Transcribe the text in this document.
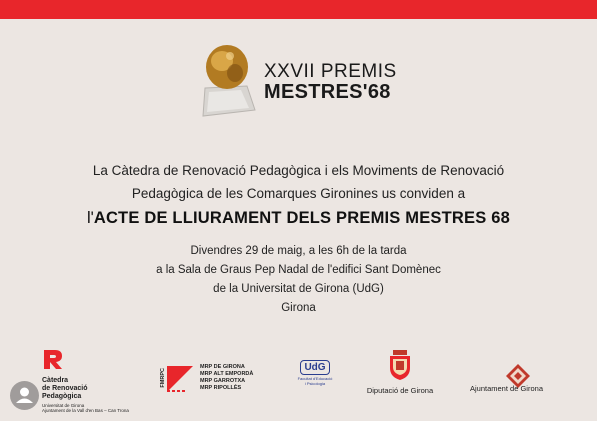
XXVII PREMIS
MESTRES'68
La Càtedra de Renovació Pedagògica i els Moviments de Renovació
Pedagògica de les Comarques Gironines us conviden a
l'ACTE DE LLIURAMENT DELS PREMIS MESTRES 68
Divendres 29 de maig, a les 6h de la tarda
a la Sala de Graus Pep Nadal de l'edifici Sant Domènec
de la Universitat de Girona (UdG)
Girona
Càtedra
de Renovació
Pedagògica
Universitat de Girona
Ajuntament de la Vall d'en Bas – Can Trona
FMRPC
MRP DE GIRONA
MRP ALT EMPORDÀ
MRP GARROTXA
MRP RIPOLLÈS
UdG
Facultat d'Educació
i Psicologia
Diputació de Girona	Ajuntament de Girona
